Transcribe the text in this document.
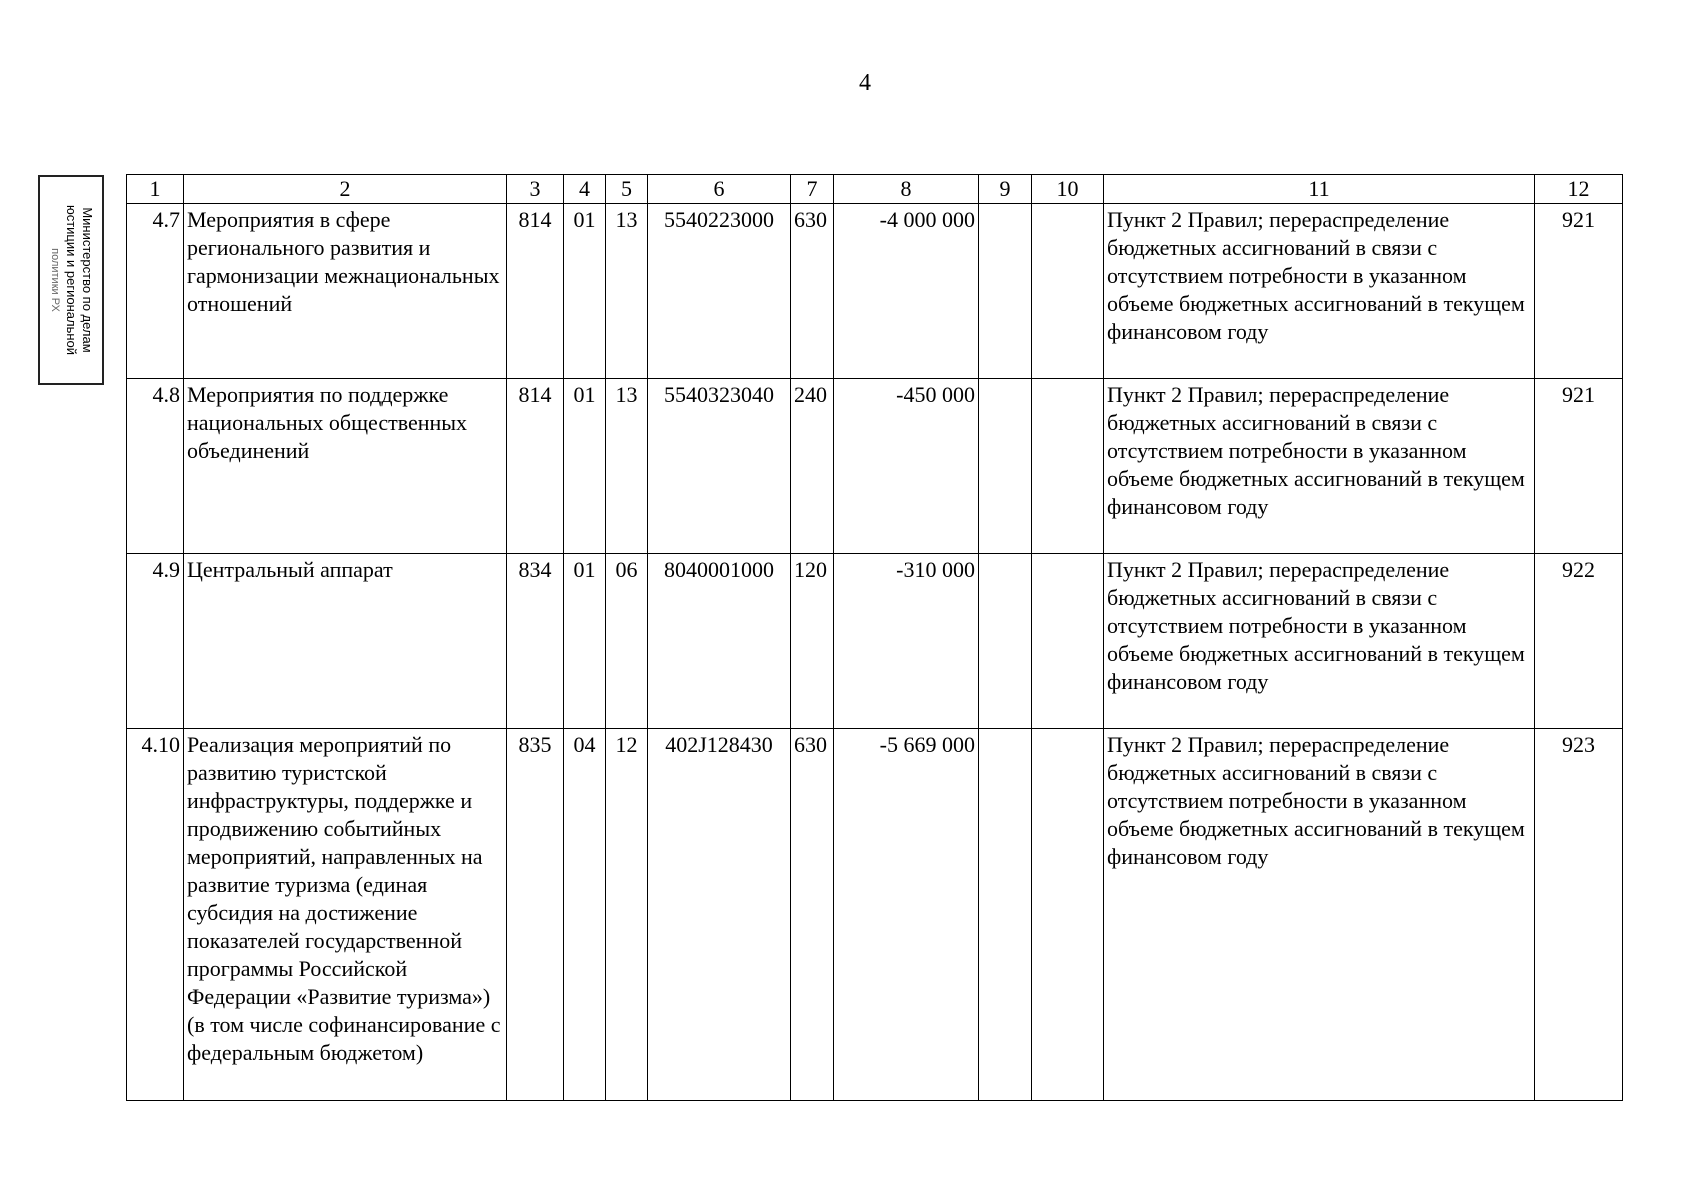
4
Министерство по делам
юстиции и региональной
политики РХ
1	2	3	4	5	6	7	8	9	10	11	12
4.7	Мероприятия в сфере регионального развития и гармонизации межнациональных отношений	814	01	13	5540223000	630	-4 000 000			Пункт 2 Правил; перераспределение бюджетных ассигнований в связи с отсутствием потребности в указанном объеме бюджетных ассигнований в текущем финансовом году	921
4.8	Мероприятия по поддержке национальных общественных объединений	814	01	13	5540323040	240	-450 000			Пункт 2 Правил; перераспределение бюджетных ассигнований в связи с отсутствием потребности в указанном объеме бюджетных ассигнований в текущем финансовом году	921
4.9	Центральный аппарат	834	01	06	8040001000	120	-310 000			Пункт 2 Правил; перераспределение бюджетных ассигнований в связи с отсутствием потребности в указанном объеме бюджетных ассигнований в текущем финансовом году	922
4.10	Реализация мероприятий по развитию туристской инфраструктуры, поддержке и продвижению событийных мероприятий, направленных на развитие туризма (единая субсидия на достижение показателей государственной программы Российской Федерации «Развитие туризма») (в том числе софинансирование с федеральным бюджетом)	835	04	12	402J128430	630	-5 669 000			Пункт 2 Правил; перераспределение бюджетных ассигнований в связи с отсутствием потребности в указанном объеме бюджетных ассигнований в текущем финансовом году	923
